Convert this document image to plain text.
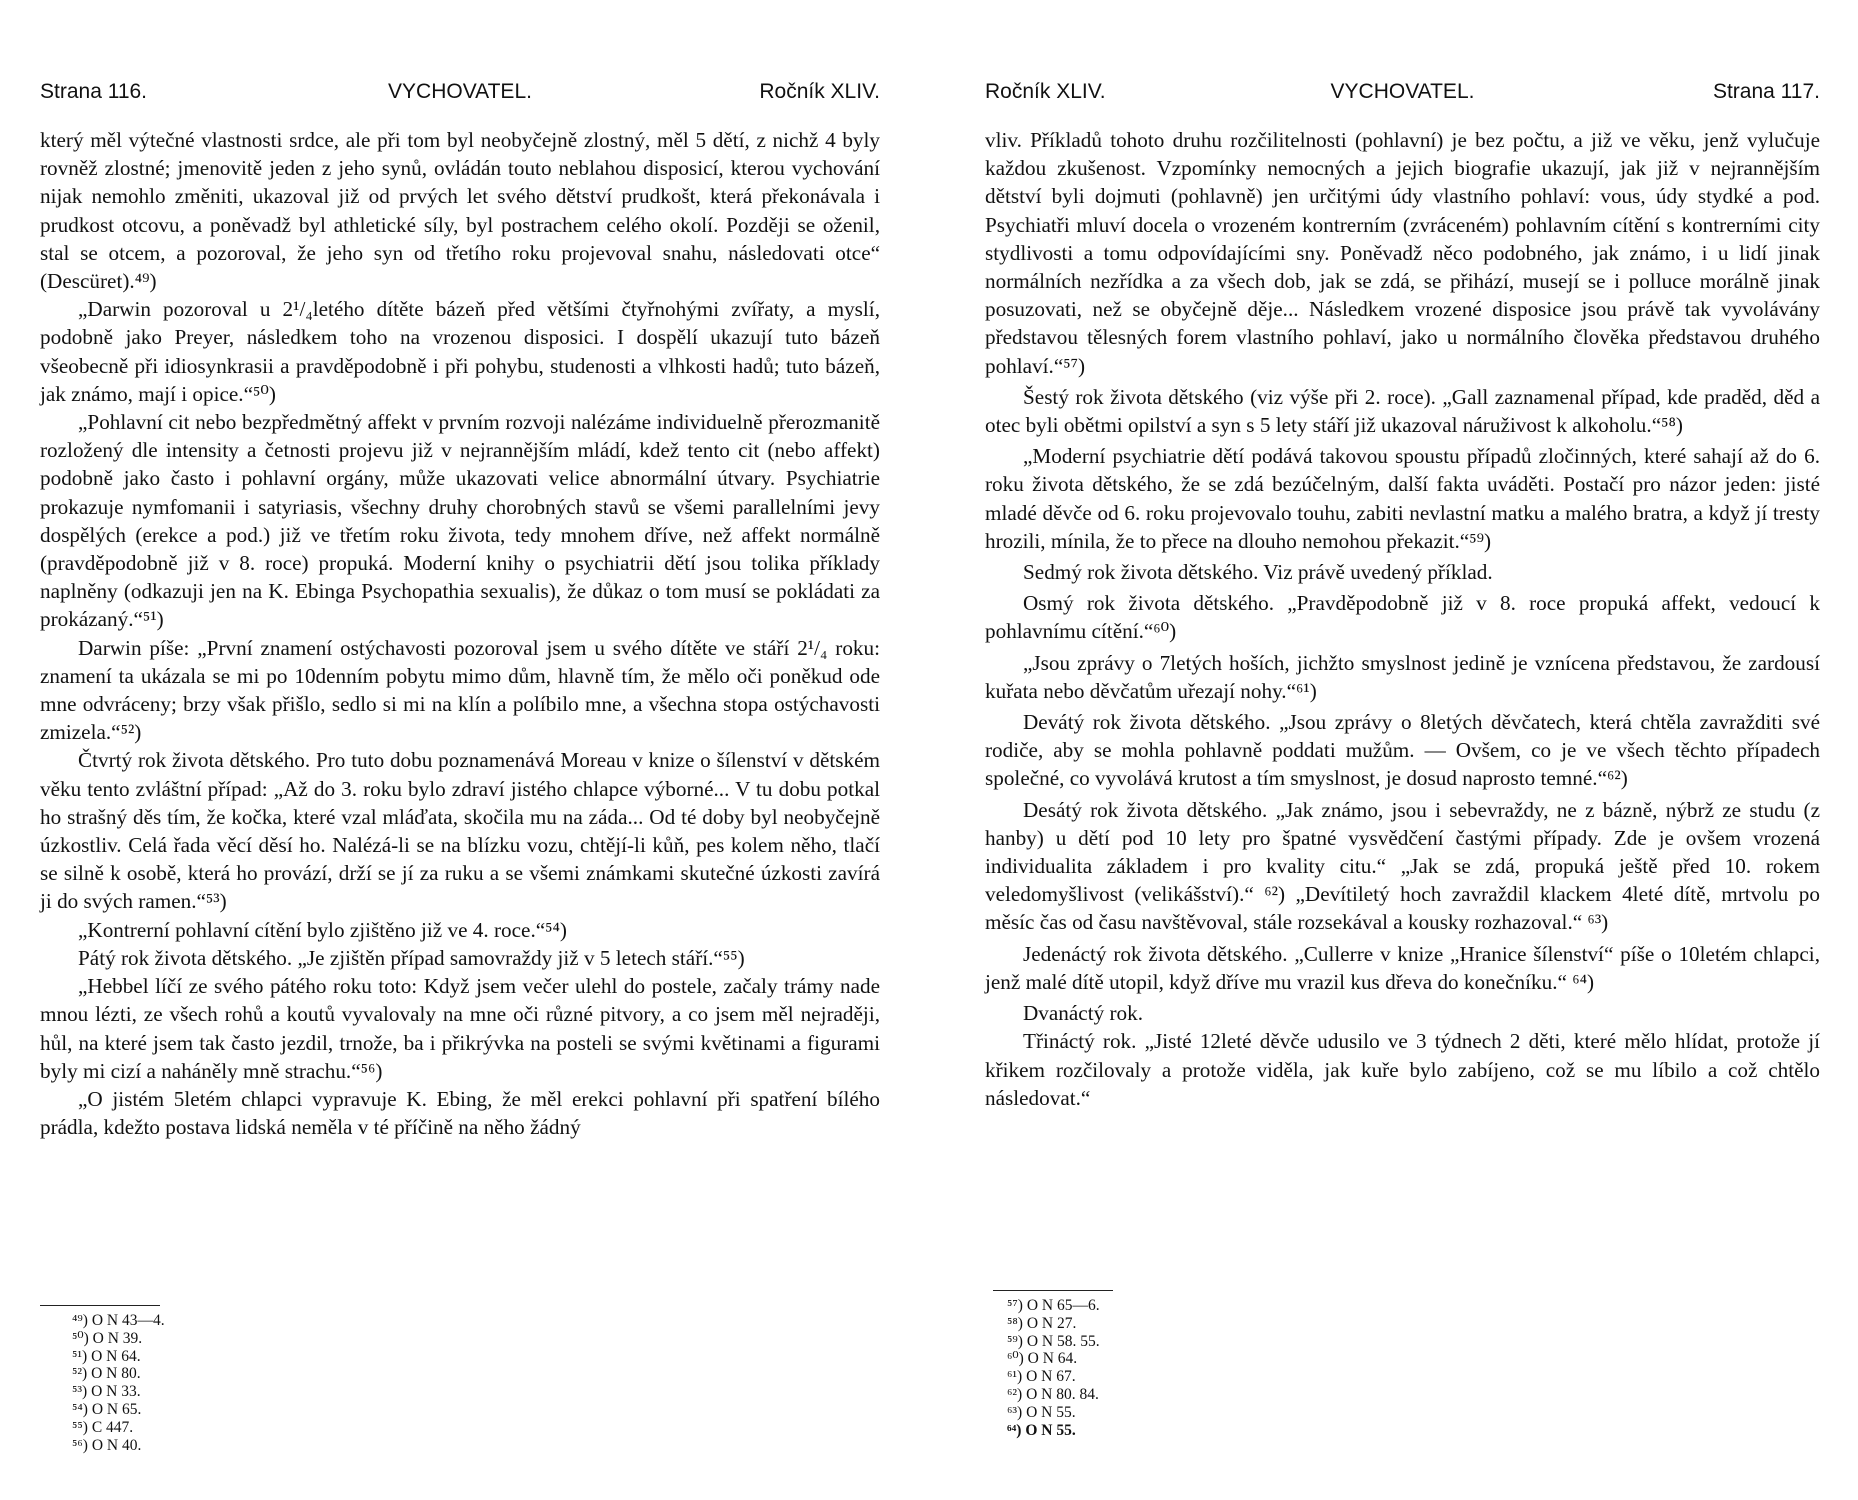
Strana 116.	VYCHOVATEL.	Ročník XLIV.

který měl výtečné vlastnosti srdce, ale při tom byl neobyčejně zlostný, měl 5 dětí, z nichž 4 byly rovněž zlostné; jmenovitě jeden z jeho synů, ovládán touto neblahou disposicí, kterou vychování nijak nemohlo změniti, ukazoval již od prvých let svého dětství prudkošt, která překonávala i prudkost otcovu, a poněvadž byl athletické síly, byl postrachem celého okolí. Později se oženil, stal se otcem, a pozoroval, že jeho syn od třetího roku projevoval snahu, následovati otce“ (Descüret).⁴⁹)

„Darwin pozoroval u 2¹/₄letého dítěte bázeň před většími čtyřnohými zvířaty, a myslí, podobně jako Preyer, následkem toho na vrozenou disposici. I dospělí ukazují tuto bázeň všeobecně při idiosynkrasii a pravděpodobně i při pohybu, studenosti a vlhkosti hadů; tuto bázeň, jak známo, mají i opice.“⁵⁰)

„Pohlavní cit nebo bezpředmětný affekt v prvním rozvoji nalézáme individuelně přerozmanitě rozložený dle intensity a četnosti projevu již v nejrannějším mládí, kdež tento cit (nebo affekt) podobně jako často i pohlavní orgány, může ukazovati velice abnormální útvary. Psychiatrie prokazuje nymfomanii i satyriasis, všechny druhy chorobných stavů se všemi parallelními jevy dospělých (erekce a pod.) již ve třetím roku života, tedy mnohem dříve, než affekt normálně (pravděpodobně již v 8. roce) propuká. Moderní knihy o psychiatrii dětí jsou tolika příklady naplněny (odkazuji jen na K. Ebinga Psychopathia sexualis), že důkaz o tom musí se pokládati za prokázaný.“⁵¹)

Darwin píše: „První znamení ostýchavosti pozoroval jsem u svého dítěte ve stáří 2¹/₄ roku: znamení ta ukázala se mi po 10denním pobytu mimo dům, hlavně tím, že mělo oči poněkud ode mne odvráceny; brzy však přišlo, sedlo si mi na klín a políbilo mne, a všechna stopa ostýchavosti zmizela.“⁵²)

Čtvrtý rok života dětského. Pro tuto dobu poznamenává Moreau v knize o šílenství v dětském věku tento zvláštní případ: „Až do 3. roku bylo zdraví jistého chlapce výborné... V tu dobu potkal ho strašný děs tím, že kočka, které vzal mláďata, skočila mu na záda... Od té doby byl neobyčejně úzkostliv. Celá řada věcí děsí ho. Nalézá-li se na blízku vozu, chtějí-li kůň, pes kolem něho, tlačí se silně k osobě, která ho provází, drží se jí za ruku a se všemi známkami skutečné úzkosti zavírá ji do svých ramen.“⁵³)

„Kontrerní pohlavní cítění bylo zjištěno již ve 4. roce.“⁵⁴)

Pátý rok života dětského. „Je zjištěn případ samovraždy již v 5 letech stáří.“⁵⁵)

„Hebbel líčí ze svého pátého roku toto: Když jsem večer ulehl do postele, začaly trámy nade mnou lézti, ze všech rohů a koutů vyvalovaly na mne oči různé pitvory, a co jsem měl nejraději, hůl, na které jsem tak často jezdil, trnože, ba i přikrývka na posteli se svými květinami a figurami byly mi cizí a naháněly mně strachu.“⁵⁶)

„O jistém 5letém chlapci vypravuje K. Ebing, že měl erekci pohlavní při spatření bílého prádla, kdežto postava lidská neměla v té příčině na něho žádný

⁴⁹) O N 43—4.
⁵⁰) O N 39.
⁵¹) O N 64.
⁵²) O N 80.
⁵³) O N 33.
⁵⁴) O N 65.
⁵⁵) C 447.
⁵⁶) O N 40.
Ročník XLIV.	VYCHOVATEL.	Strana 117.

vliv. Příkladů tohoto druhu rozčilitelnosti (pohlavní) je bez počtu, a již ve věku, jenž vylučuje každou zkušenost. Vzpomínky nemocných a jejich biografie ukazují, jak již v nejrannějším dětství byli dojmuti (pohlavně) jen určitými údy vlastního pohlaví: vous, údy stydké a pod. Psychiatři mluví docela o vrozeném kontrerním (zvráceném) pohlavním cítění s kontrerními city stydlivosti a tomu odpovídajícími sny. Poněvadž něco podobného, jak známo, i u lidí jinak normálních nezřídka a za všech dob, jak se zdá, se přihází, musejí se i polluce morálně jinak posuzovati, než se obyčejně děje... Následkem vrozené disposice jsou právě tak vyvolávány představou tělesných forem vlastního pohlaví, jako u normálního člověka představou druhého pohlaví.“⁵⁷)

Šestý rok života dětského (viz výše při 2. roce). „Gall zaznamenal případ, kde praděd, děd a otec byli obětmi opilství a syn s 5 lety stáří již ukazoval náruživost k alkoholu.“⁵⁸)

„Moderní psychiatrie dětí podává takovou spoustu případů zločinných, které sahají až do 6. roku života dětského, že se zdá bezúčelným, další fakta uváděti. Postačí pro názor jeden: jisté mladé děvče od 6. roku projevovalo touhu, zabiti nevlastní matku a malého bratra, a když jí tresty hrozili, mínila, že to přece na dlouho nemohou překazit.“⁵⁹)

Sedmý rok života dětského. Viz právě uvedený příklad.

Osmý rok života dětského. „Pravděpodobně již v 8. roce propuká affekt, vedoucí k pohlavnímu cítění.“⁶⁰)

„Jsou zprávy o 7letých hoších, jichžto smyslnost jedině je vznícena představou, že zardousí kuřata nebo děvčatům uřezají nohy.“⁶¹)

Devátý rok života dětského. „Jsou zprávy o 8letých děvčatech, která chtěla zavražditi své rodiče, aby se mohla pohlavně poddati mužům. — Ovšem, co je ve všech těchto případech společné, co vyvolává krutost a tím smyslnost, je dosud naprosto temné.“⁶²)

Desátý rok života dětského. „Jak známo, jsou i sebevraždy, ne z bázně, nýbrž ze studu (z hanby) u dětí pod 10 lety pro špatné vysvědčení častými případy. Zde je ovšem vrozená individualita základem i pro kvality citu.“ „Jak se zdá, propuká ještě před 10. rokem veledomyšlivost (velikášství).“ ⁶²) „Devítiletý hoch zavraždil klackem 4leté dítě, mrtvolu po měsíc čas od času navštěvoval, stále rozsekával a kousky rozhazoval.“ ⁶³)

Jedenáctý rok života dětského. „Cullerre v knize „Hranice šílenství“ píše o 10letém chlapci, jenž malé dítě utopil, když dříve mu vrazil kus dřeva do konečníku.“ ⁶⁴)

Dvanáctý rok.

Třináctý rok. „Jisté 12leté děvče udusilo ve 3 týdnech 2 děti, které mělo hlídat, protože jí křikem rozčilovaly a protože viděla, jak kuře bylo zabíjeno, což se mu líbilo a což chtělo následovat.“

⁵⁷) O N 65—6.
⁵⁸) O N 27.
⁵⁹) O N 58. 55.
⁶⁰) O N 64.
⁶¹) O N 67.
⁶²) O N 80. 84.
⁶³) O N 55.
⁶⁴) O N 55.
